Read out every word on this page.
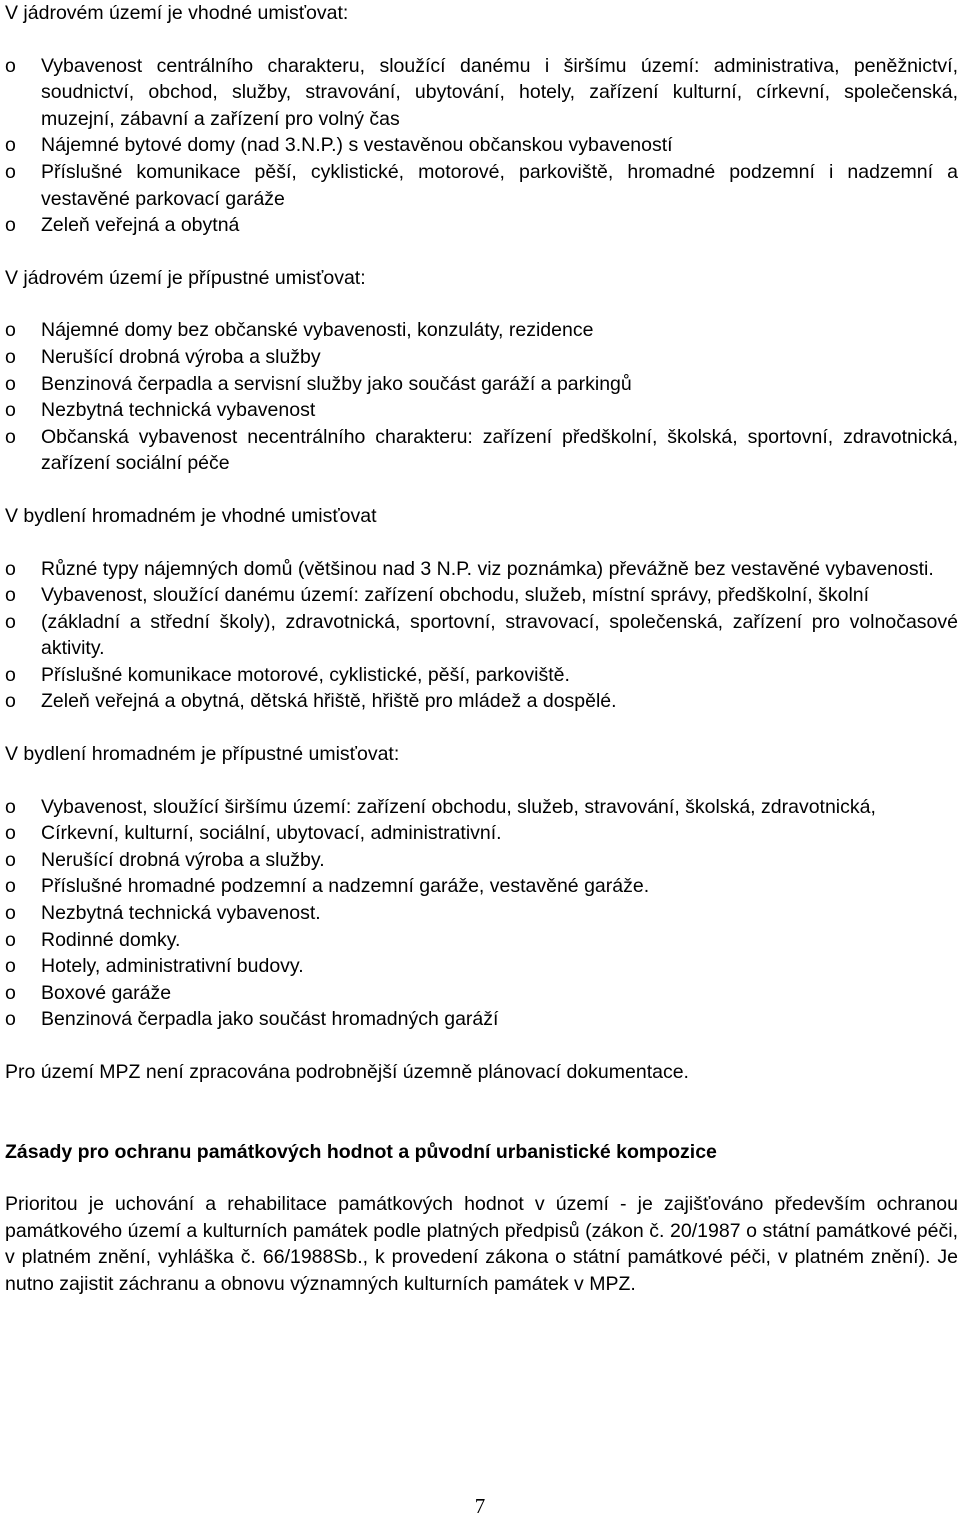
V jádrovém území je vhodné umisťovat:

o Vybavenost centrálního charakteru, sloužící danému i širšímu území: administrativa, peněžnictví, soudnictví, obchod, služby, stravování, ubytování, hotely, zařízení kulturní, církevní, společenská, muzejní, zábavní a zařízení pro volný čas
o Nájemné bytové domy (nad 3.N.P.) s vestavěnou občanskou vybaveností
o Příslušné komunikace pěší, cyklistické, motorové, parkoviště, hromadné podzemní i nadzemní a vestavěné parkovací garáže
o Zeleň veřejná a obytná

V jádrovém území je přípustné umisťovat:

o Nájemné domy bez občanské vybavenosti, konzuláty, rezidence
o Nerušící drobná výroba a služby
o Benzinová čerpadla a servisní služby jako součást garáží a parkingů
o Nezbytná technická vybavenost
o Občanská vybavenost necentrálního charakteru: zařízení předškolní, školská, sportovní, zdravotnická, zařízení sociální péče

V bydlení hromadném je vhodné umisťovat

o Různé typy nájemných domů (většinou nad 3 N.P. viz poznámka) převážně bez vestavěné vybavenosti.
o Vybavenost, sloužící danému území: zařízení obchodu, služeb, místní správy, předškolní, školní
o (základní a střední školy), zdravotnická, sportovní, stravovací, společenská, zařízení pro volnočasové aktivity.
o Příslušné komunikace motorové, cyklistické, pěší, parkoviště.
o Zeleň veřejná a obytná, dětská hřiště, hřiště pro mládež a dospělé.

V bydlení hromadném je přípustné umisťovat:

o Vybavenost, sloužící širšímu území: zařízení obchodu, služeb, stravování, školská, zdravotnická,
o Církevní, kulturní, sociální, ubytovací, administrativní.
o Nerušící drobná výroba a služby.
o Příslušné hromadné podzemní a nadzemní garáže, vestavěné garáže.
o Nezbytná technická vybavenost.
o Rodinné domky.
o Hotely, administrativní budovy.
o Boxové garáže
o Benzinová čerpadla jako součást hromadných garáží

Pro území MPZ není zpracována podrobnější územně plánovací dokumentace.

Zásady pro ochranu památkových hodnot a původní urbanistické kompozice

Prioritou je uchování a rehabilitace památkových hodnot v území - je zajišťováno především ochranou památkového území a kulturních památek podle platných předpisů (zákon č. 20/1987 o státní památkové péči, v platném znění, vyhláška č. 66/1988Sb., k provedení zákona o státní památkové péči, v platném znění). Je nutno zajistit záchranu a obnovu významných kulturních památek v MPZ.

7
